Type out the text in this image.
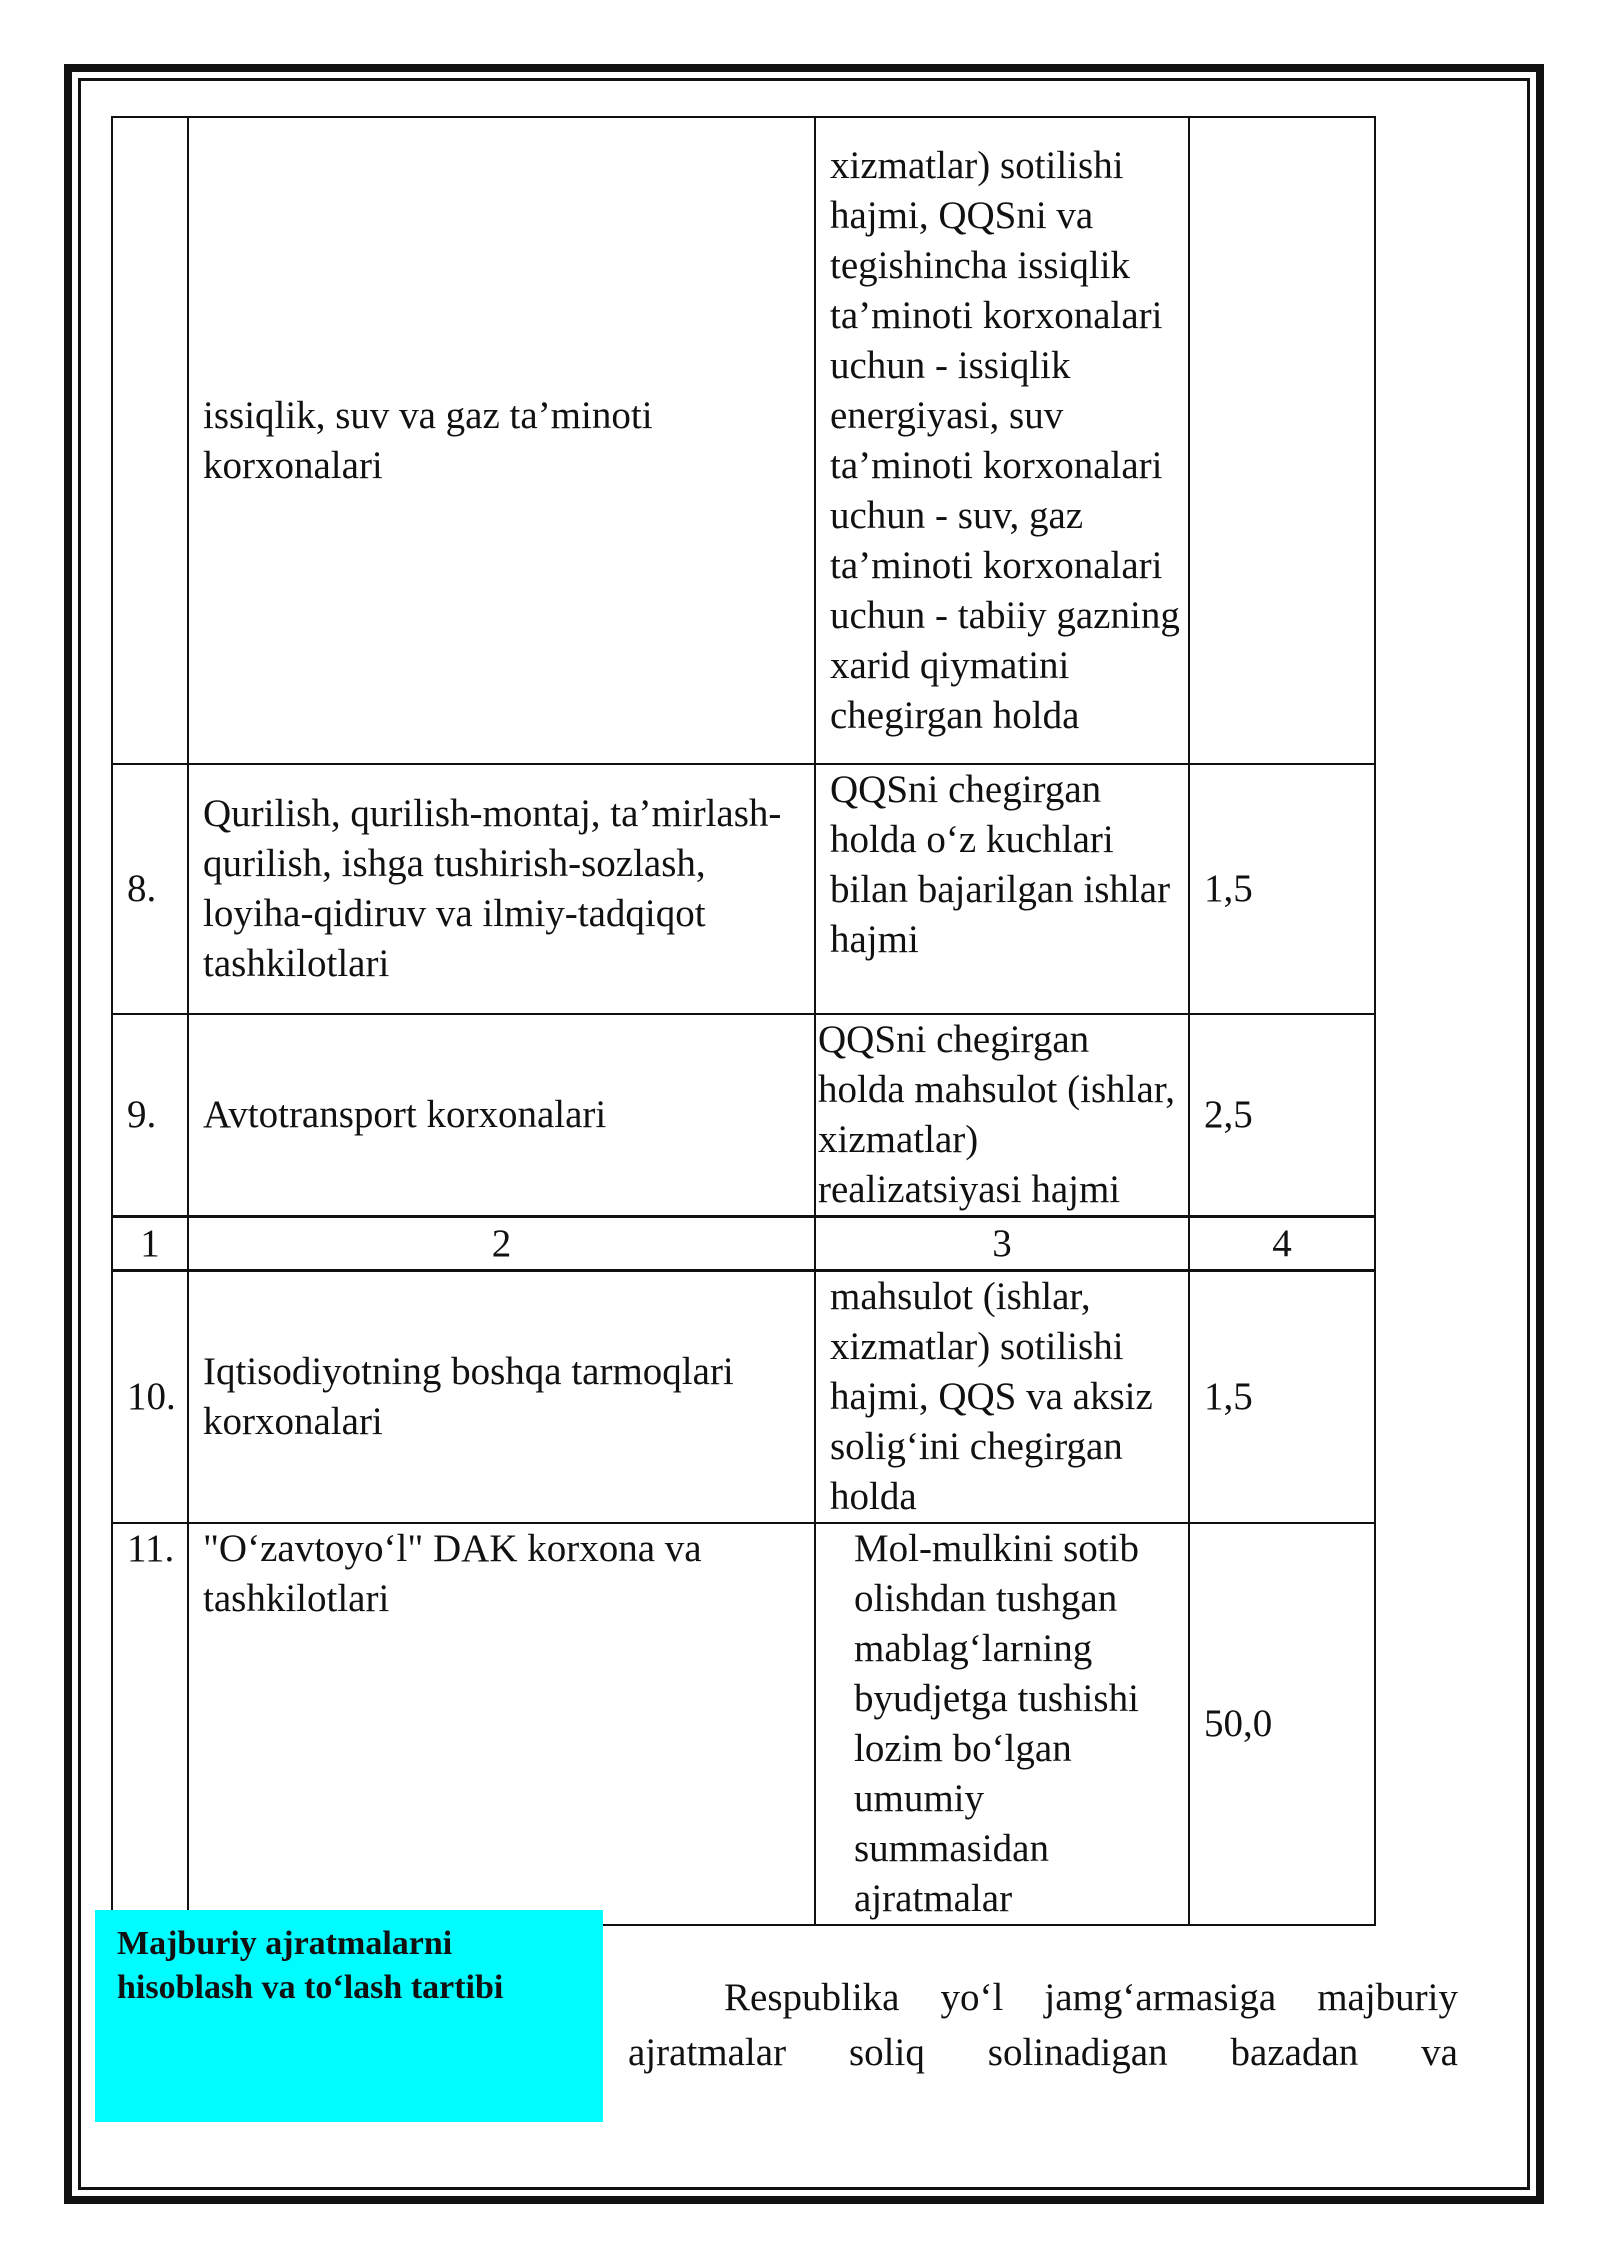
	issiqlik, suv va gaz ta’minoti korxonalari	xizmatlar) sotilishi hajmi, QQSni va tegishincha issiqlik ta’minoti korxonalari uchun - issiqlik energiyasi, suv ta’minoti korxonalari uchun - suv, gaz ta’minoti korxonalari uchun - tabiiy gazning xarid qiymatini chegirgan holda	
8.	Qurilish, qurilish-montaj, ta’mirlash-qurilish, ishga tushirish-sozlash, loyiha-qidiruv va ilmiy-tadqiqot tashkilotlari	QQSni chegirgan holda o‘z kuchlari bilan bajarilgan ishlar hajmi	1,5
9.	Avtotransport korxonalari	QQSni chegirgan holda mahsulot (ishlar, xizmatlar) realizatsiyasi hajmi	2,5
1	2	3	4
10.	Iqtisodiyotning boshqa tarmoqlari korxonalari	mahsulot (ishlar, xizmatlar) sotilishi hajmi, QQS va aksiz solig‘ini chegirgan holda	1,5
11.	"O‘zavtoyo‘l" DAK korxona va tashkilotlari	Mol-mulkini sotib olishdan tushgan mablag‘larning byudjetga tushishi lozim bo‘lgan umumiy summasidan ajratmalar	50,0
Majburiy ajratmalarni hisoblash va to‘lash tartibi	Respublika yo‘l jamg‘armasiga majburiy
ajratmalar soliq solinadigan bazadan va
